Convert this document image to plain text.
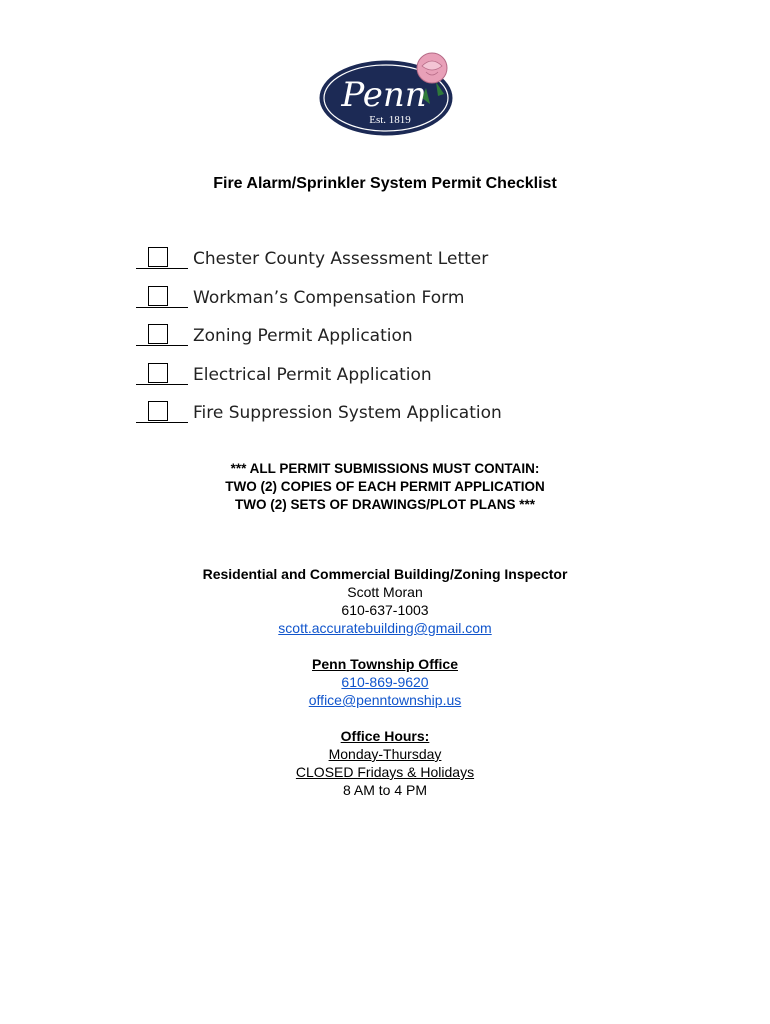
Penn
Est. 1819
Fire Alarm/Sprinkler System Permit Checklist
Chester County Assessment Letter
Workman’s Compensation Form
Zoning Permit Application
Electrical Permit Application
Fire Suppression System Application
*** ALL PERMIT SUBMISSIONS MUST CONTAIN:
TWO (2) COPIES OF EACH PERMIT APPLICATION
TWO (2) SETS OF DRAWINGS/PLOT PLANS ***
Residential and Commercial Building/Zoning Inspector
Scott Moran
610-637-1003
scott.accuratebuilding@gmail.com
Penn Township Office
610-869-9620
office@penntownship.us
Office Hours:
Monday-Thursday
CLOSED Fridays & Holidays
8 AM to 4 PM
